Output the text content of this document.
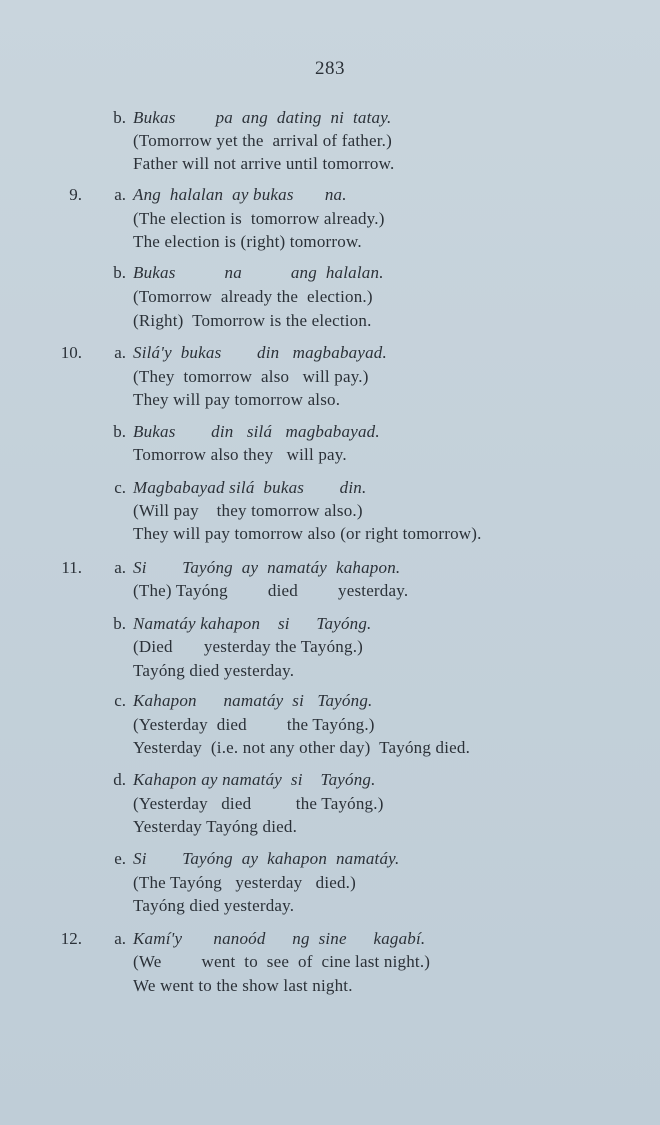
283
b. Bukas         pa  ang  dating  ni  tatay.
(Tomorrow yet the  arrival of father.)
Father will not arrive until tomorrow.
9.	a. Ang  halalan  ay bukas       na.
(The election is  tomorrow already.)
The election is (right) tomorrow.
b. Bukas           na           ang  halalan.
(Tomorrow  already the  election.)
(Right)  Tomorrow is the election.
10.	a. Silá'y  bukas        din   magbabayad.
(They  tomorrow  also   will pay.)
They will pay tomorrow also.
b. Bukas        din   silá   magbabayad.
Tomorrow also they   will pay.
c. Magbabayad silá  bukas        din.
(Will pay    they tomorrow also.)
They will pay tomorrow also (or right tomorrow).
11.	a. Si        Tayóng  ay  namatáy  kahapon.
(The) Tayóng         died         yesterday.
b. Namatáy kahapon    si      Tayóng.
(Died       yesterday the Tayóng.)
Tayóng died yesterday.
c. Kahapon      namatáy  si   Tayóng.
(Yesterday  died         the Tayóng.)
Yesterday  (i.e. not any other day)  Tayóng died.
d. Kahapon ay namatáy  si    Tayóng.
(Yesterday   died          the Tayóng.)
Yesterday Tayóng died.
e. Si        Tayóng  ay  kahapon  namatáy.
(The Tayóng   yesterday   died.)
Tayóng died yesterday.
12.	a. Kamí'y       nanoód      ng  sine      kagabí.
(We         went  to  see  of  cine last night.)
We went to the show last night.
